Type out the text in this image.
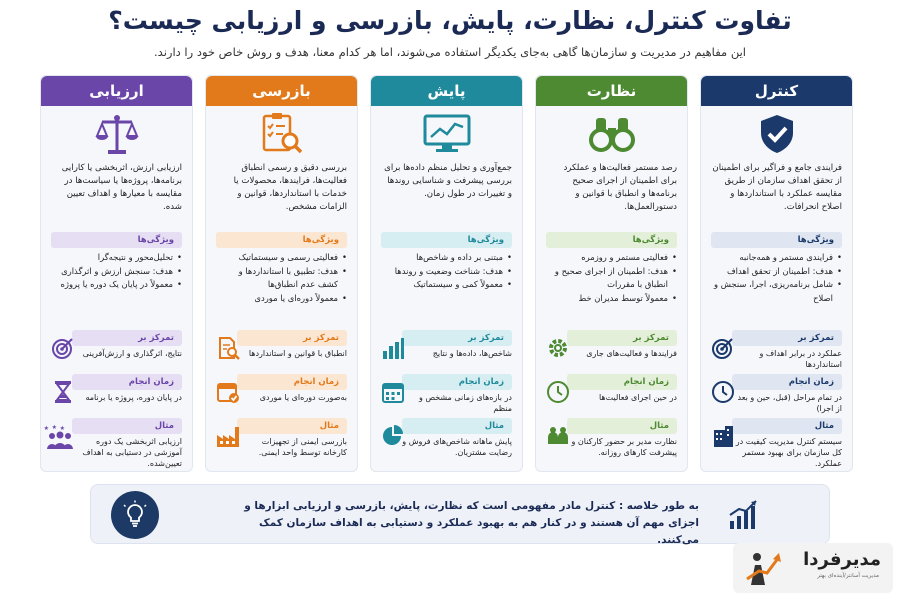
تفاوت کنترل، نظارت، پایش، بازرسی و ارزیابی چیست؟
این مفاهیم در مدیریت و سازمان‌ها گاهی به‌جای یکدیگر استفاده می‌شوند، اما هر کدام معنا، هدف و روش خاص خود را دارند.
کنترل
فرایندی جامع و فراگیر برای اطمینان از تحقق اهداف سازمان از طریق مقایسه عملکرد با استانداردها و اصلاح انحرافات.
ویژگی‌ها
• فرایندی مستمر و همه‌جانبه
• هدف: اطمینان از تحقق اهداف
• شامل برنامه‌ریزی، اجرا، سنجش و اصلاح
تمرکز بر
عملکرد در برابر اهداف و استانداردها
زمان انجام
در تمام مراحل (قبل، حین و بعد از اجرا)
مثال
سیستم کنترل مدیریت کیفیت در کل سازمان برای بهبود مستمر عملکرد.
نظارت
رصد مستمر فعالیت‌ها و عملکرد برای اطمینان از اجرای صحیح برنامه‌ها و انطباق با قوانین و دستورالعمل‌ها.
ویژگی‌ها
• فعالیتی مستمر و روزمره
• هدف: اطمینان از اجرای صحیح و انطباق با مقررات
• معمولاً توسط مدیران خط
تمرکز بر
فرایندها و فعالیت‌های جاری
زمان انجام
در حین اجرای فعالیت‌ها
مثال
نظارت مدیر بر حضور کارکنان و پیشرفت کارهای روزانه.
پایش
جمع‌آوری و تحلیل منظم داده‌ها برای بررسی پیشرفت و شناسایی روندها و تغییرات در طول زمان.
ویژگی‌ها
• مبتنی بر داده و شاخص‌ها
• هدف: شناخت وضعیت و روندها
• معمولاً کمی و سیستماتیک
تمرکز بر
شاخص‌ها، داده‌ها و نتایج
زمان انجام
در بازه‌های زمانی مشخص و منظم
مثال
پایش ماهانه شاخص‌های فروش و رضایت مشتریان.
بازرسی
بررسی دقیق و رسمی انطباق فعالیت‌ها، فرایندها، محصولات یا خدمات با استانداردها، قوانین و الزامات مشخص.
ویژگی‌ها
• فعالیتی رسمی و سیستماتیک
• هدف: تطبیق با استانداردها و کشف عدم انطباق‌ها
• معمولاً دوره‌ای یا موردی
تمرکز بر
انطباق با قوانین و استانداردها
زمان انجام
به‌صورت دوره‌ای یا موردی
مثال
بازرسی ایمنی از تجهیزات کارخانه توسط واحد ایمنی.
ارزیابی
ارزیابی ارزش، اثربخشی یا کارایی برنامه‌ها، پروژه‌ها یا سیاست‌ها در مقایسه با معیارها و اهداف تعیین شده.
ویژگی‌ها
• تحلیل‌محور و نتیجه‌گرا
• هدف: سنجش ارزش و اثرگذاری
• معمولاً در پایان یک دوره یا پروژه
تمرکز بر
نتایج، اثرگذاری و ارزش‌آفرینی
زمان انجام
در پایان دوره، پروژه یا برنامه
مثال
ارزیابی اثربخشی یک دوره آموزشی در دستیابی به اهداف تعیین‌شده.
★ ★ ★
به طور خلاصه : کنترل مادر مفهومی است که نظارت، پایش، بازرسی و ارزیابی ابزارها و اجزای مهم آن هستند و در کنار هم به بهبود عملکرد و دستیابی به اهداف سازمان کمک می‌کنند.
مدیرفردا
مدیریت آسانتر/آینده‌ای بهتر
